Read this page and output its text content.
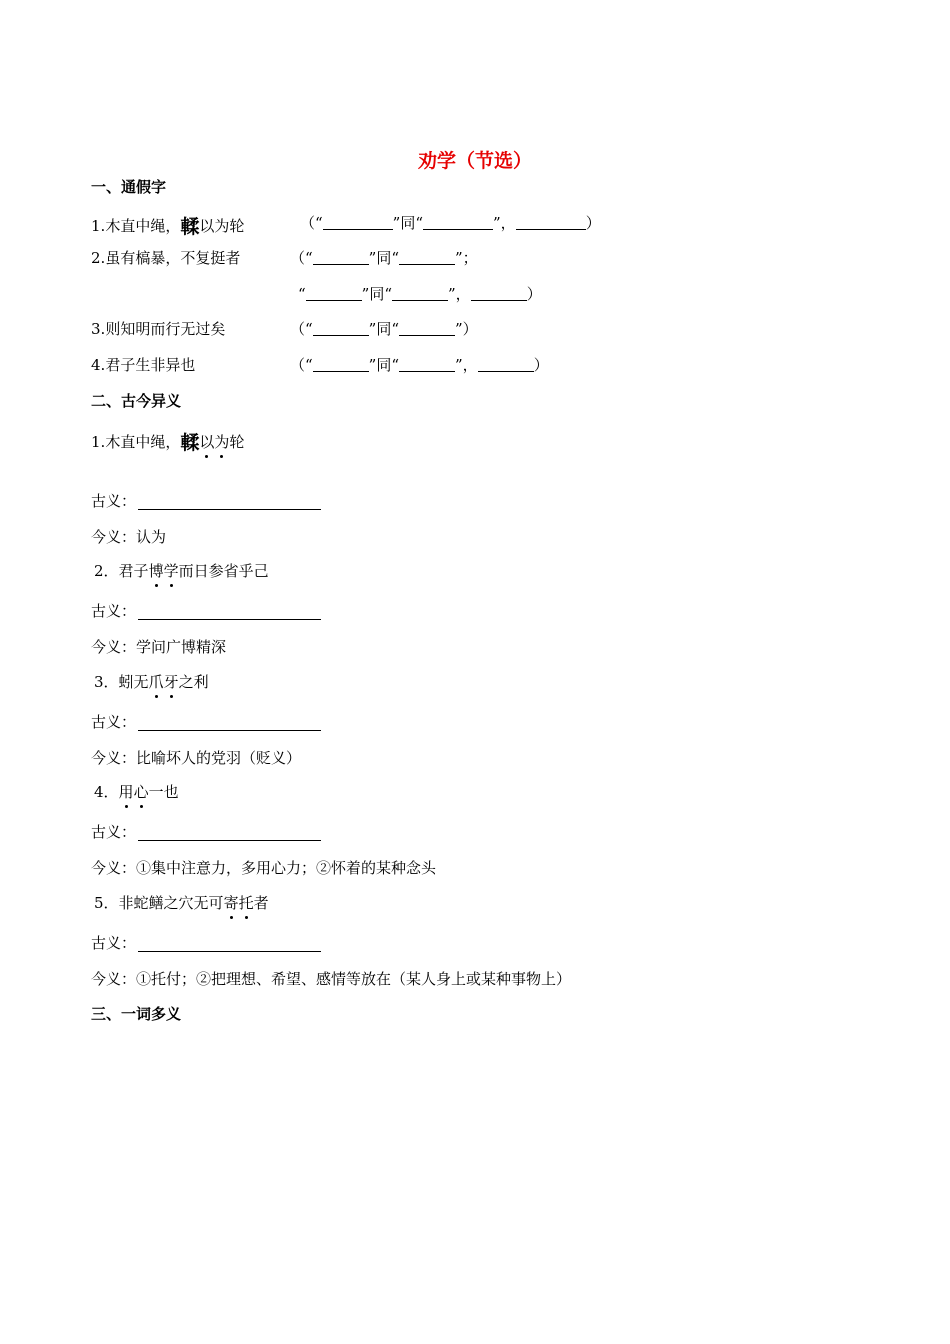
劝学（节选）
一、通假字
1.木直中绳，輮以为轮	（“	”同“	”，	）
2.虽有槁暴，不复挺者	（“	”同“	”；
“	”同“	”，	）
3.则知明而行无过矣	（“	”同“	”）
4.君子生非异也	（“	”同“	”，	）
二、古今异义
1.木直中绳，輮以为轮
古义：
今义：认为
2．君子博学而日参省乎己
古义：
今义：学问广博精深
3．蚓无爪牙之利
古义：
今义：比喻坏人的党羽（贬义）
4．用心一也
古义：
今义：①集中注意力，多用心力；②怀着的某种念头
5．非蛇鳝之穴无可寄托者
古义：
今义：①托付；②把理想、希望、感情等放在（某人身上或某种事物上）
三、一词多义
